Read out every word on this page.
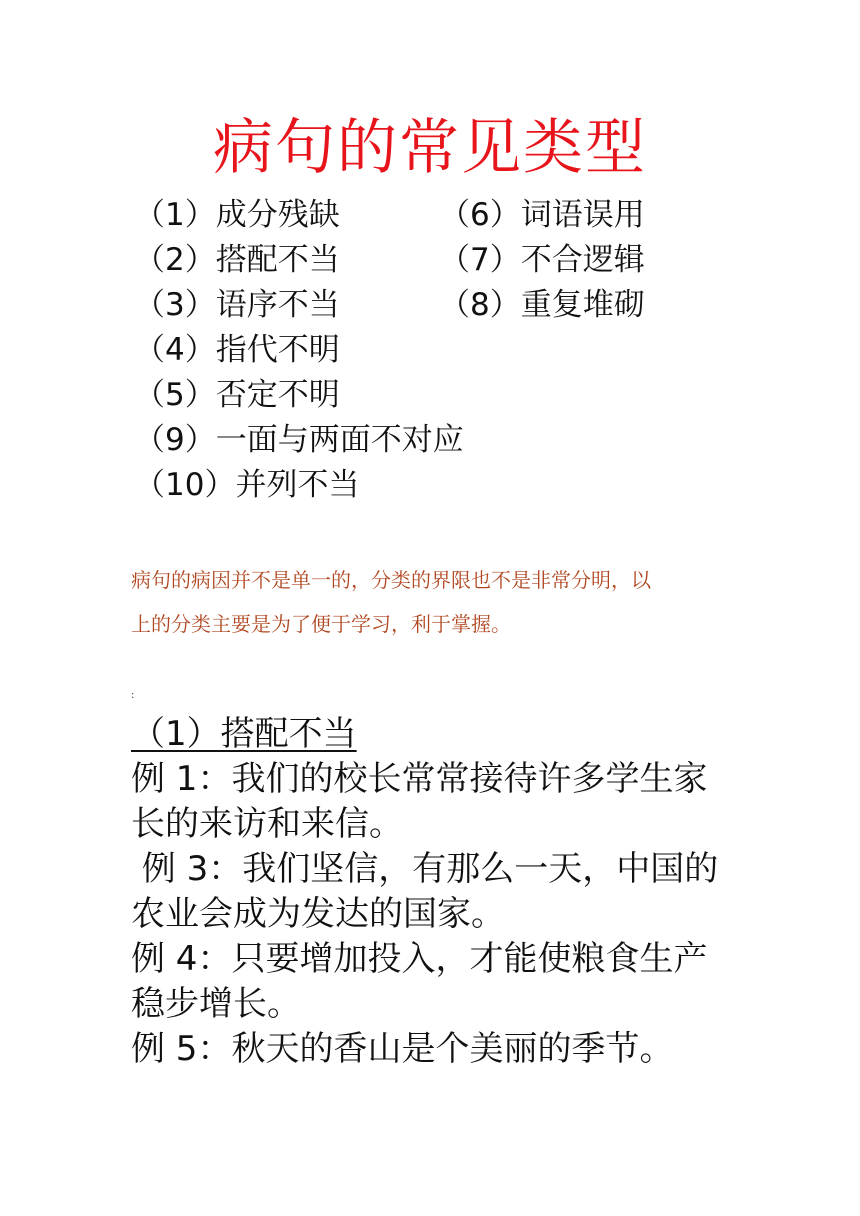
病句的常见类型
（1）成分残缺
（2）搭配不当
（3）语序不当
（4）指代不明
（5）否定不明
（9）一面与两面不对应
（10）并列不当
（6）词语误用
（7）不合逻辑
（8）重复堆砌
病句的病因并不是单一的，分类的界限也不是非常分明，以
上的分类主要是为了便于学习，利于掌握。
:
（1）搭配不当
例 1：我们的校长常常接待许多学生家
长的来访和来信。
例 3：我们坚信，有那么一天，中国的
农业会成为发达的国家。
例 4：只要增加投入，才能使粮食生产
稳步增长。
例 5：秋天的香山是个美丽的季节。
